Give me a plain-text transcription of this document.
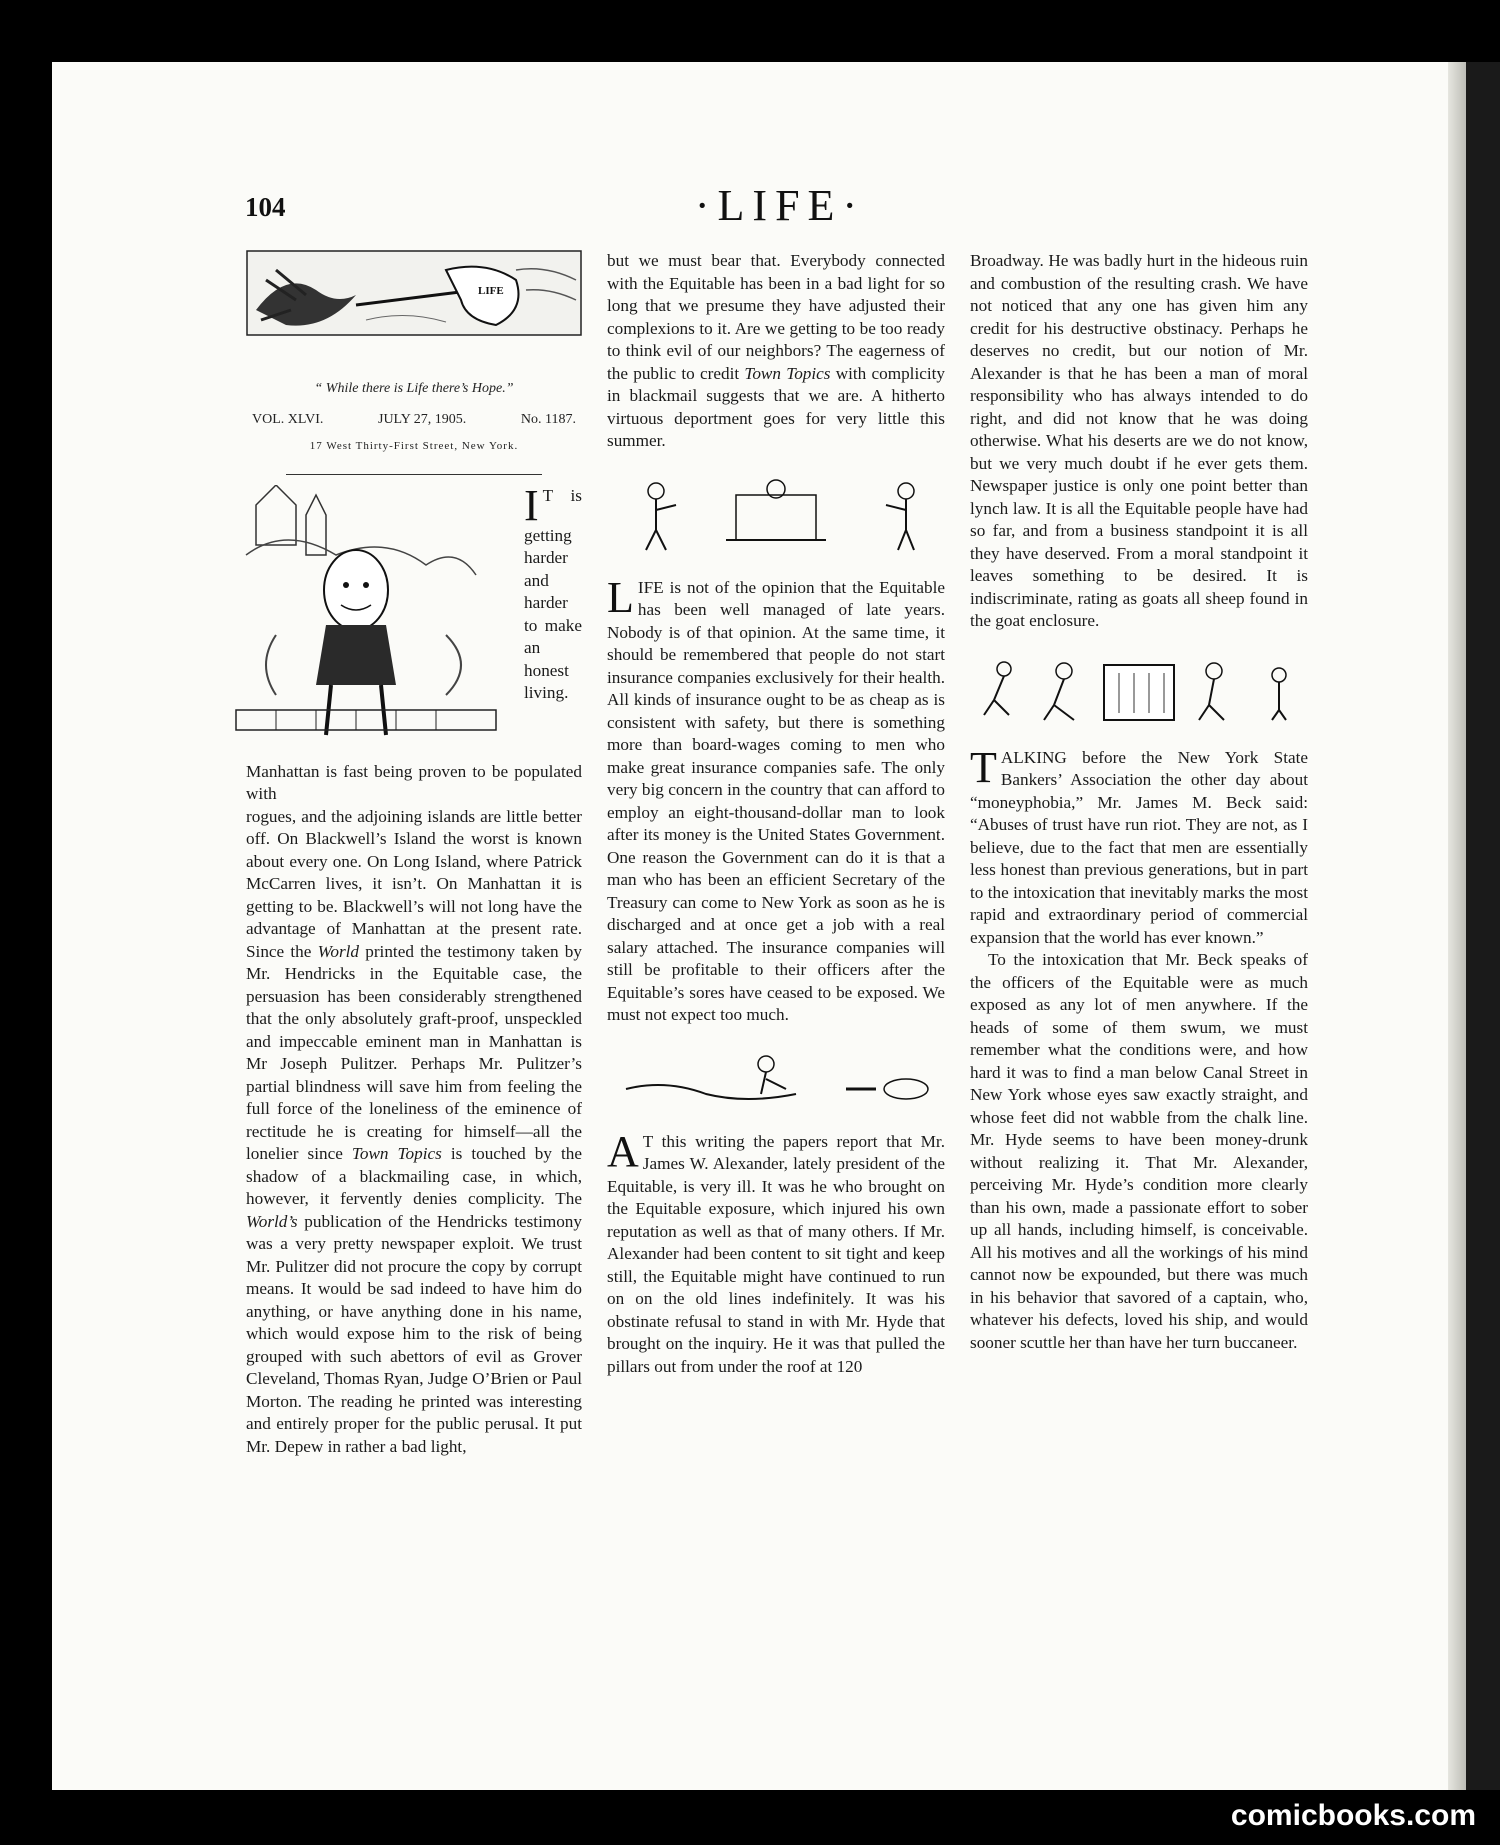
104	·LIFE·
LIFE
“ While there is Life there’s Hope.”
VOL. XLVI.	JULY 27, 1905.	No. 1187.
17 West Thirty-First Street, New York.

I T is getting harder and harder to make an honest living. Manhattan is fast being proven to be populated with

rogues, and the adjoining islands are little better off. On Blackwell’s Island the worst is known about every one. On Long Island, where Patrick McCarren lives, it isn’t. On Manhattan it is getting to be. Blackwell’s will not long have the advantage of Manhattan at the present rate. Since the World printed the testimony taken by Mr. Hendricks in the Equitable case, the persuasion has been considerably strengthened that the only absolutely graft-proof, unspeckled and impeccable eminent man in Manhattan is Mr Joseph Pulitzer. Perhaps Mr. Pulitzer’s partial blindness will save him from feeling the full force of the loneliness of the eminence of rectitude he is creating for himself—all the lonelier since Town Topics is touched by the shadow of a blackmailing case, in which, however, it fervently denies complicity. The World’s publication of the Hendricks testimony was a very pretty newspaper exploit. We trust Mr. Pulitzer did not procure the copy by corrupt means. It would be sad indeed to have him do anything, or have anything done in his name, which would expose him to the risk of being grouped with such abettors of evil as Grover Cleveland, Thomas Ryan, Judge O’Brien or Paul Morton. The reading he printed was interesting and entirely proper for the public perusal. It put Mr. Depew in rather a bad light,

but we must bear that. Everybody connected with the Equitable has been in a bad light for so long that we presume they have adjusted their complexions to it. Are we getting to be too ready to think evil of our neighbors? The eagerness of the public to credit Town Topics with complicity in blackmail suggests that we are. A hitherto virtuous deportment goes for very little this summer.

LIFE is not of the opinion that the Equitable has been well managed of late years. Nobody is of that opinion. At the same time, it should be remembered that people do not start insurance companies exclusively for their health. All kinds of insurance ought to be as cheap as is consistent with safety, but there is something more than board-wages coming to men who make great insurance companies safe. The only very big concern in the country that can afford to employ an eight-thousand-dollar man to look after its money is the United States Government. One reason the Government can do it is that a man who has been an efficient Secretary of the Treasury can come to New York as soon as he is discharged and at once get a job with a real salary attached. The insurance companies will still be profitable to their officers after the Equitable’s sores have ceased to be exposed. We must not expect too much.

A T this writing the papers report that Mr. James W. Alexander, lately president of the Equitable, is very ill. It was he who brought on the Equitable exposure, which injured his own reputation as well as that of many others. If Mr. Alexander had been content to sit tight and keep still, the Equitable might have continued to run on on the old lines indefinitely. It was his obstinate refusal to stand in with Mr. Hyde that brought on the inquiry. He it was that pulled the pillars out from under the roof at 120

Broadway. He was badly hurt in the hideous ruin and combustion of the resulting crash. We have not noticed that any one has given him any credit for his destructive obstinacy. Perhaps he deserves no credit, but our notion of Mr. Alexander is that he has been a man of moral responsibility who has always intended to do right, and did not know that he was doing otherwise. What his deserts are we do not know, but we very much doubt if he ever gets them. Newspaper justice is only one point better than lynch law. It is all the Equitable people have had so far, and from a business standpoint it is all they have deserved. From a moral standpoint it leaves something to be desired. It is indiscriminate, rating as goats all sheep found in the goat enclosure.

TALKING before the New York State Bankers’ Association the other day about “moneyphobia,” Mr. James M. Beck said: “Abuses of trust have run riot. They are not, as I believe, due to the fact that men are essentially less honest than previous generations, but in part to the intoxication that inevitably marks the most rapid and extraordinary period of commercial expansion that the world has ever known.”

To the intoxication that Mr. Beck speaks of the officers of the Equitable were as much exposed as any lot of men anywhere. If the heads of some of them swum, we must remember what the conditions were, and how hard it was to find a man below Canal Street in New York whose eyes saw exactly straight, and whose feet did not wabble from the chalk line. Mr. Hyde seems to have been money-drunk without realizing it. That Mr. Alexander, perceiving Mr. Hyde’s condition more clearly than his own, made a passionate effort to sober up all hands, including himself, is conceivable. All his motives and all the workings of his mind cannot now be expounded, but there was much in his behavior that savored of a captain, who, whatever his defects, loved his ship, and would sooner scuttle her than have her turn buccaneer.

comicbooks.com
